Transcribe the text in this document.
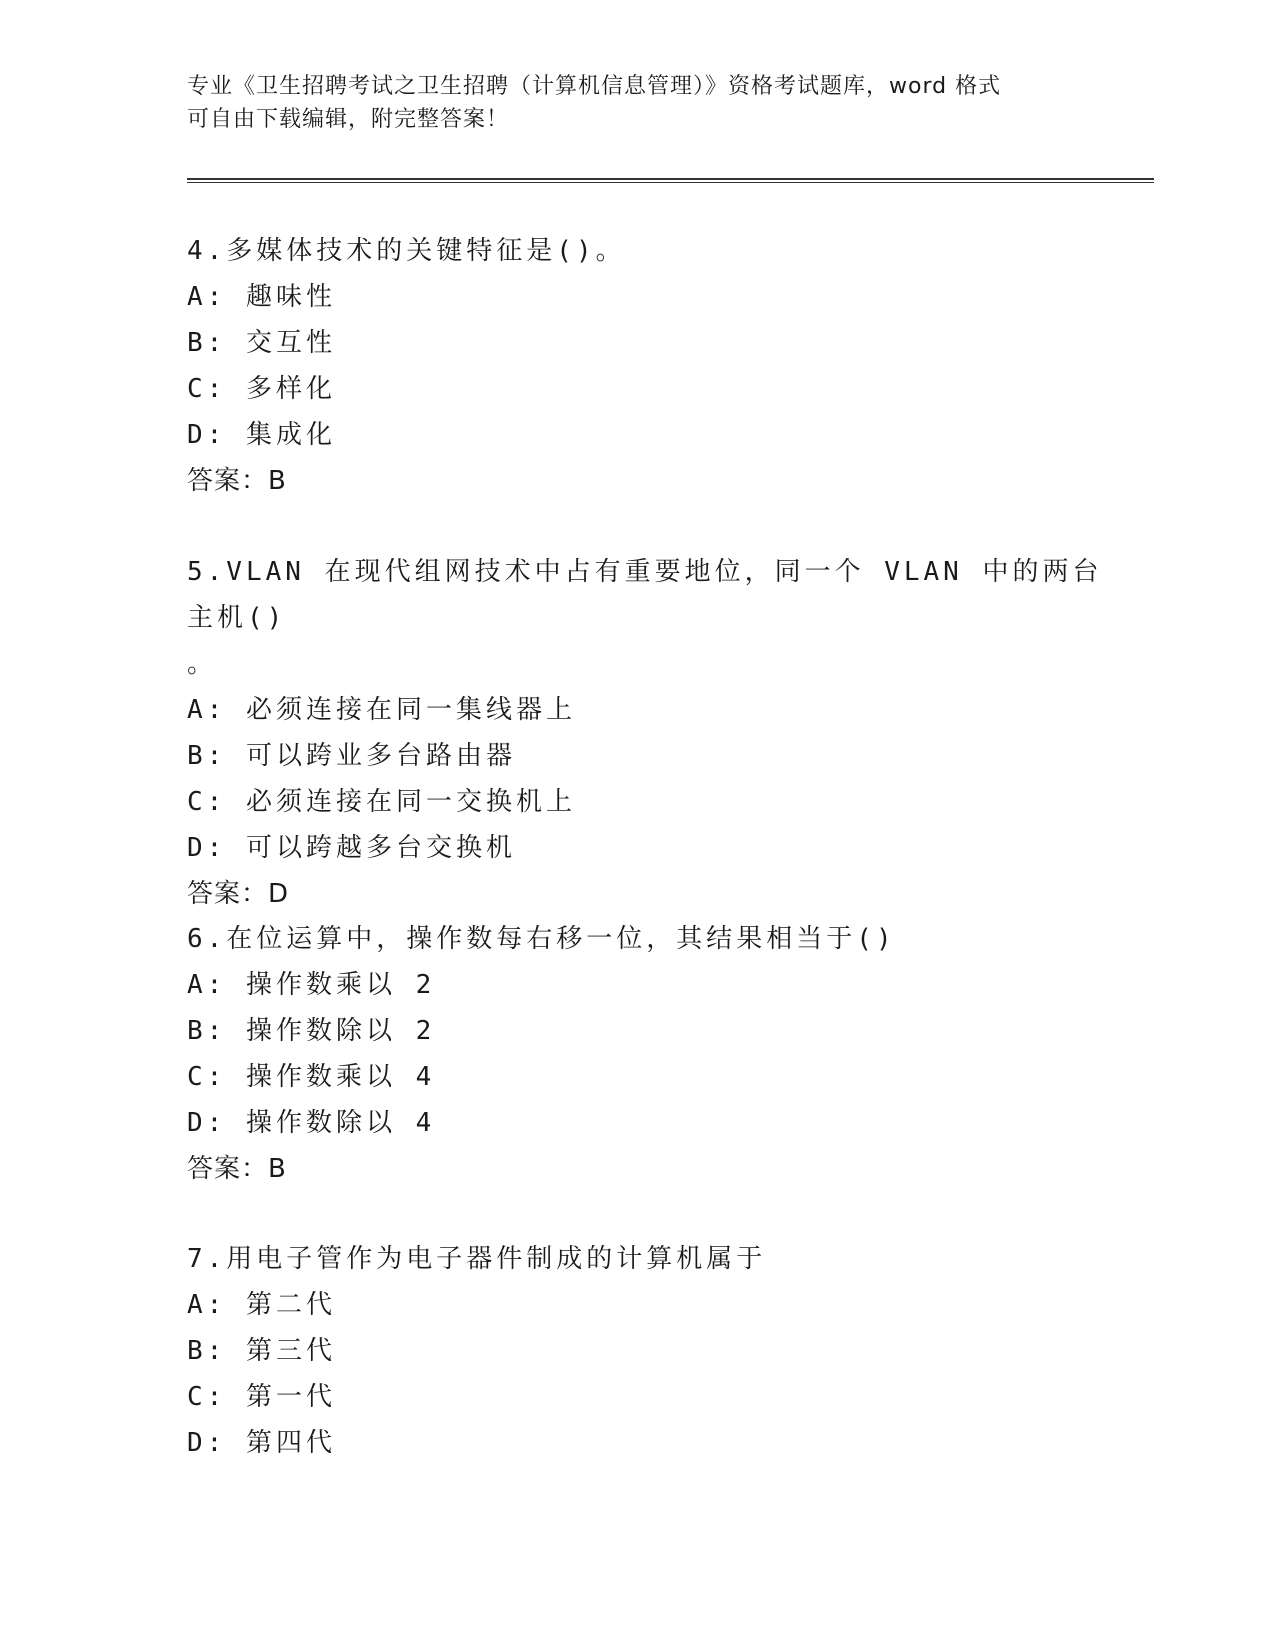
专业《卫生招聘考试之卫生招聘（计算机信息管理）》资格考试题库，word 格式
可自由下载编辑，附完整答案！

4.多媒体技术的关键特征是()。

A: 趣味性

B: 交互性

C: 多样化

D: 集成化

答案：B

5.VLAN 在现代组网技术中占有重要地位，同一个 VLAN 中的两台主机()

。

A: 必须连接在同一集线器上

B: 可以跨业多台路由器

C: 必须连接在同一交换机上

D: 可以跨越多台交换机

答案：D

6.在位运算中，操作数每右移一位，其结果相当于()

A: 操作数乘以 2

B: 操作数除以 2

C: 操作数乘以 4

D: 操作数除以 4

答案：B

7.用电子管作为电子器件制成的计算机属于

A: 第二代

B: 第三代

C: 第一代

D: 第四代
